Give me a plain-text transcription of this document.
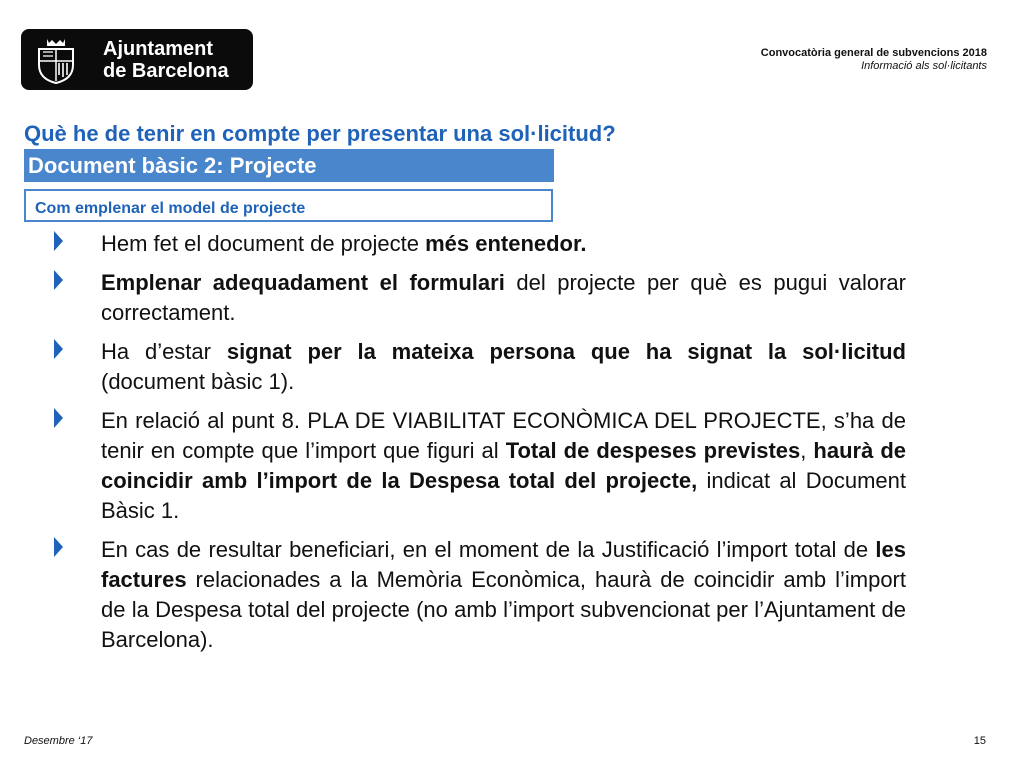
Ajuntament
de Barcelona
Convocatòria general de subvencions 2018
Informació als sol·licitants
Què he de tenir en compte per presentar una sol·licitud?
Document bàsic 2: Projecte
Com emplenar el model de projecte
Hem fet el document de projecte més entenedor.
Emplenar adequadament el formulari del projecte per què es pugui valorar correctament.
Ha d’estar signat per la mateixa persona que ha signat la sol·licitud (document bàsic 1).
En relació al punt 8. PLA DE VIABILITAT ECONÒMICA DEL PROJECTE, s’ha de tenir en compte que l’import que figuri al Total de despeses previstes, haurà de coincidir amb l’import de la Despesa total del projecte, indicat al Document Bàsic 1.
En cas de resultar beneficiari, en el moment de la Justificació l’import total de les factures relacionades a la Memòria Econòmica, haurà de coincidir amb l’import de la Despesa total del projecte (no amb l’import subvencionat per l’Ajuntament de Barcelona).
Desembre ‘17	15
